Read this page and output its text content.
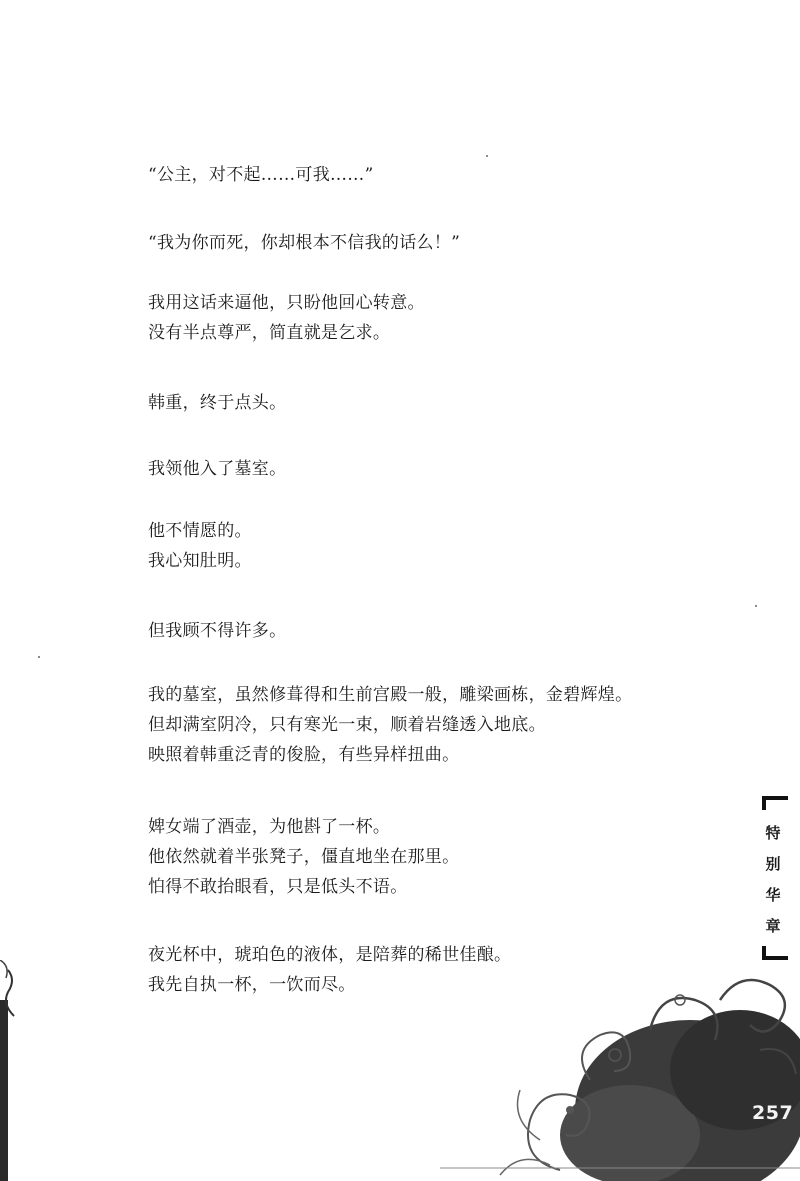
“公主，对不起……可我……”
“我为你而死，你却根本不信我的话么！”
我用这话来逼他，只盼他回心转意。
没有半点尊严，简直就是乞求。
韩重，终于点头。
我领他入了墓室。
他不情愿的。
我心知肚明。
但我顾不得许多。
我的墓室，虽然修葺得和生前宫殿一般，雕梁画栋，金碧辉煌。
但却满室阴冷，只有寒光一束，顺着岩缝透入地底。
映照着韩重泛青的俊脸，有些异样扭曲。
婢女端了酒壶，为他斟了一杯。
他依然就着半张凳子，僵直地坐在那里。
怕得不敢抬眼看，只是低头不语。
夜光杯中，琥珀色的液体，是陪葬的稀世佳酿。
我先自执一杯，一饮而尽。
特
别
华
章
257
